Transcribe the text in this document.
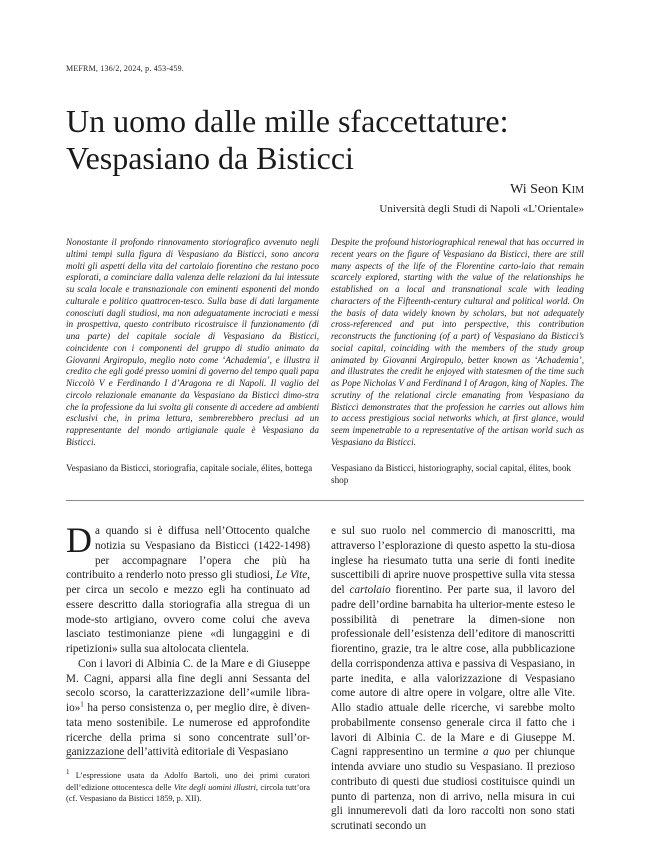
MEFRM, 136/2, 2024, p. 453-459.
Un uomo dalle mille sfaccettature:
Vespasiano da Bisticci
Wi Seon Kim
Università degli Studi di Napoli «L’Orientale»

Nonostante il profondo rinnovamento storiografico avvenuto negli ultimi tempi sulla figura di Vespasiano da Bisticci, sono ancora molti gli aspetti della vita del cartolaio fiorentino che restano poco esplorati, a cominciare dalla valenza delle relazioni da lui intessute su scala locale e transnazionale con eminenti esponenti del mondo culturale e politico quattrocen-tesco. Sulla base di dati largamente conosciuti dagli studiosi, ma non adeguatamente incrociati e messi in prospettiva, questo contributo ricostruisce il funzionamento (di una parte) del capitale sociale di Vespasiano da Bisticci, coincidente con i componenti del gruppo di studio animato da Giovanni Argiropulo, meglio noto come ‘Achademia’, e illustra il credito che egli godé presso uomini di governo del tempo quali papa Niccolò V e Ferdinando I d’Aragona re di Napoli. Il vaglio del circolo relazionale emanante da Vespasiano da Bisticci dimo-stra che la professione da lui svolta gli consente di accedere ad ambienti esclusivi che, in prima lettura, sembrerebbero preclusi ad un rappresentante del mondo artigianale quale è Vespasiano da Bisticci.

Despite the profound historiographical renewal that has occurred in recent years on the figure of Vespasiano da Bisticci, there are still many aspects of the life of the Florentine carto-laio that remain scarcely explored, starting with the value of the relationships he established on a local and transnational scale with leading characters of the Fifteenth-century cultural and political world. On the basis of data widely known by scholars, but not adequately cross-referenced and put into perspective, this contribution reconstructs the functioning (of a part) of Vespasiano da Bisticci’s social capital, coinciding with the members of the study group animated by Giovanni Argiropulo, better known as ‘Achademia’, and illustrates the credit he enjoyed with statesmen of the time such as Pope Nicholas V and Ferdinand I of Aragon, king of Naples. The scrutiny of the relational circle emanating from Vespasiano da Bisticci demonstrates that the profession he carries out allows him to access prestigious social networks which, at first glance, would seem impenetrable to a representative of the artisan world such as Vespasiano da Bisticci.

Vespasiano da Bisticci, storiografia, capitale sociale, élites, bottega	Vespasiano da Bisticci, historiography, social capital, élites, book shop

Da quando si è diffusa nell’Ottocento qualche notizia su Vespasiano da Bisticci (1422-1498) per accompagnare l’opera che più ha contribuito a renderlo noto presso gli studiosi, Le Vite, per circa un secolo e mezzo egli ha continuato ad essere descritto dalla storiografia alla stregua di un mode-sto artigiano, ovvero come colui che aveva lasciato testimonianze piene «di lungaggini e di ripetizioni» sulla sua altolocata clientela.

Con i lavori di Albinia C. de la Mare e di Giuseppe M. Cagni, apparsi alla fine degli anni Sessanta del secolo scorso, la caratterizzazione dell’«umile libra-io»$^1$ ha perso consistenza o, per meglio dire, è diven-tata meno sostenibile. Le numerose ed approfondite ricerche della prima si sono concentrate sull’or-ganizzazione dell’attività editoriale di Vespasiano

e sul suo ruolo nel commercio di manoscritti, ma attraverso l’esplorazione di questo aspetto la stu-diosa inglese ha riesumato tutta una serie di fonti inedite suscettibili di aprire nuove prospettive sulla vita stessa del cartolaio fiorentino. Per parte sua, il lavoro del padre dell’ordine barnabita ha ulterior-mente esteso le possibilità di penetrare la dimen-sione non professionale dell’esistenza dell’editore di manoscritti fiorentino, grazie, tra le altre cose, alla pubblicazione della corrispondenza attiva e passiva di Vespasiano, in parte inedita, e alla valorizzazione di Vespasiano come autore di altre opere in volgare, oltre alle Vite. Allo stadio attuale delle ricerche, vi sarebbe molto probabilmente consenso generale circa il fatto che i lavori di Albinia C. de la Mare e di Giuseppe M. Cagni rappresentino un termine a quo per chiunque intenda avviare uno studio su Vespasiano. Il prezioso contributo di questi due studiosi costituisce quindi un punto di partenza, non di arrivo, nella misura in cui gli innumerevoli dati da loro raccolti non sono stati scrutinati secondo un

$^1$ L’espressione usata da Adolfo Bartoli, uno dei primi curatori dell’edizione ottocentesca delle Vite degli uomini illustri, circola tutt’ora (cf. Vespasiano da Bisticci 1859, p. XII).
